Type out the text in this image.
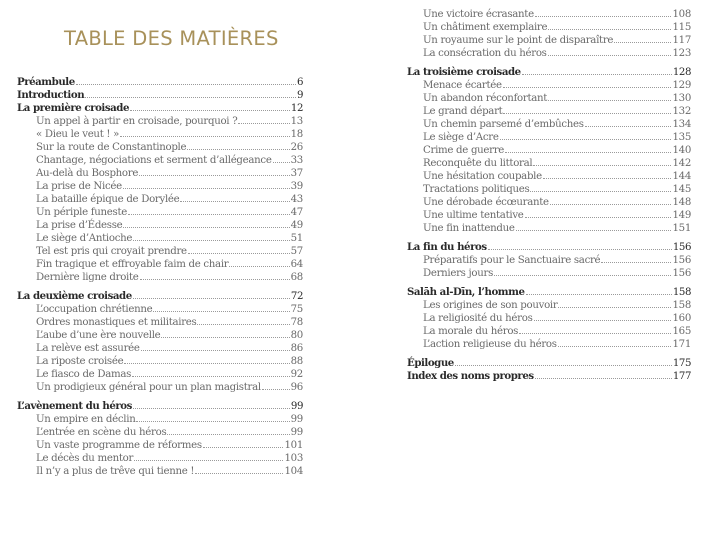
TABLE DES MATIÈRES
Préambule	6
Introduction	9
La première croisade	12
Un appel à partir en croisade, pourquoi ?	13
« Dieu le veut ! »	18
Sur la route de Constantinople	26
Chantage, négociations et serment d’allégeance 33
Au-delà du Bosphore	37
La prise de Nicée	39
La bataille épique de Dorylée	43
Un périple funeste	47
La prise d’Édesse	49
Le siège d’Antioche	51
Tel est pris qui croyait prendre	57
Fin tragique et effroyable faim de chair	64
Dernière ligne droite	68
La deuxième croisade	72
L’occupation chrétienne	75
Ordres monastiques et militaires	78
L’aube d’une ère nouvelle	80
La relève est assurée	86
La riposte croisée	88
Le fiasco de Damas	92
Un prodigieux général pour un plan magistral	96
L’avènement du héros	99
Un empire en déclin	99
L’entrée en scène du héros	99
Un vaste programme de réformes	101
Le décès du mentor	103
Il n’y a plus de trêve qui tienne !	104
Une victoire écrasante	108
Un châtiment exemplaire	115
Un royaume sur le point de disparaître	117
La consécration du héros	123
La troisième croisade	128
Menace écartée	129
Un abandon réconfortant	130
Le grand départ	132
Un chemin parsemé d’embûches	134
Le siège d’Acre	135
Crime de guerre	140
Reconquête du littoral	142
Une hésitation coupable	144
Tractations politiques	145
Une dérobade écœurante	148
Une ultime tentative	149
Une fin inattendue	151
La fin du héros	156
Préparatifs pour le Sanctuaire sacré	156
Derniers jours	156
Salāh al-Dīn, l’homme	158
Les origines de son pouvoir	158
La religiosité du héros	160
La morale du héros	165
L’action religieuse du héros	171
Épilogue	175
Index des noms propres	177
